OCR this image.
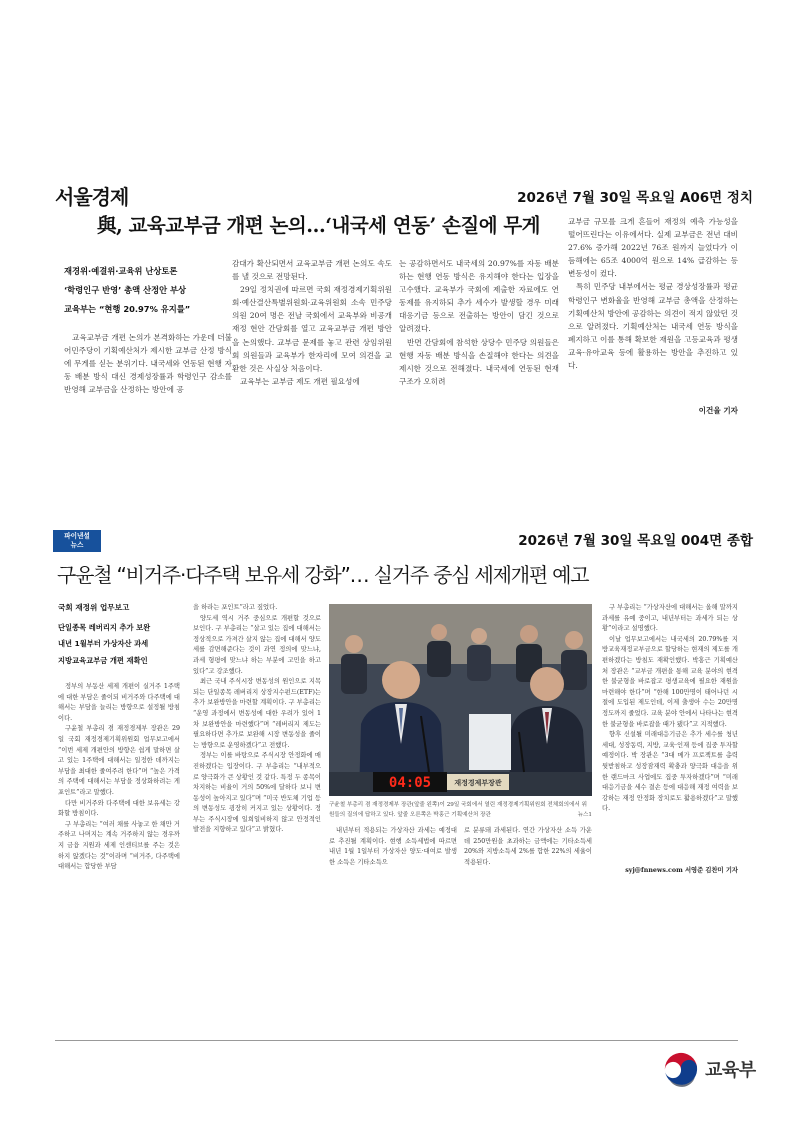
서울경제	2026년 7월 30일 목요일 A06면 정치
與, 교육교부금 개편 논의…‘내국세 연동’ 손질에 무게
재경위·예결위·교육위 난상토론
‘학령인구 반영’ 총액 산정안 부상
교육부는 “현행 20.97% 유지를”

교육교부금 개편 논의가 본격화하는 가운데 더불어민주당이 기획예산처가 제시한 교부금 산정 방식에 무게를 싣는 분위기다. 내국세와 연동된 현행 자동 배분 방식 대신 경제성장률과 학령인구 감소를 반영해 교부금을 산정하는 방안에 공

감대가 확산되면서 교육교부금 개편 논의도 속도를 낼 것으로 전망된다.

29일 정치권에 따르면 국회 재정경제기획위원회·예산결산특별위원회·교육위원회 소속 민주당 의원 20여 명은 전날 국회에서 교육부와 비공개 재정 현안 간담회를 열고 교육교부금 개편 방안을 논의했다. 교부금 문제를 놓고 관련 상임위원회 의원들과 교육부가 한자리에 모여 의견을 교환한 것은 사실상 처음이다.

교육부는 교부금 제도 개편 필요성에

는 공감하면서도 내국세의 20.97%를 자동 배분하는 현행 연동 방식은 유지해야 한다는 입장을 고수했다. 교육부가 국회에 제출한 자료에도 연동제를 유지하되 추가 세수가 발생할 경우 미래대응기금 등으로 전출하는 방안이 담긴 것으로 알려졌다.

반면 간담회에 참석한 상당수 민주당 의원들은 현행 자동 배분 방식을 손질해야 한다는 의견을 제시한 것으로 전해졌다. 내국세에 연동된 현재 구조가 오히려

교부금 규모를 크게 흔들어 재정의 예측 가능성을 떨어뜨린다는 이유에서다. 실제 교부금은 전년 대비 27.6% 증가해 2022년 76조 원까지 늘었다가 이듬해에는 65조 4000억 원으로 14% 급감하는 등 변동성이 컸다.

특히 민주당 내부에서는 평균 경상성장률과 평균 학령인구 변화율을 반영해 교부금 총액을 산정하는 기획예산처 방안에 공감하는 의견이 적지 않았던 것으로 알려졌다. 기획예산처는 내국세 연동 방식을 폐지하고 이를 통해 확보한 재원을 고등교육과 평생교육·유아교육 등에 활용하는 방안을 추진하고 있다.

이건율 기자
파이낸셜
뉴스	2026년 7월 30일 목요일 004면 종합
구윤철 “비거주·다주택 보유세 강화”… 실거주 중심 세제개편 예고
국회 재정위 업무보고
단일종목 레버리지 추가 보완
내년 1월부터 가상자산 과세
지방교육교부금 개편 재확인

정부의 부동산 세제 개편이 실거주 1주택에 대한 부담은 줄이되 비거주와 다주택에 대해서는 부담을 늘리는 방향으로 설정될 방침이다.

구윤철 부총리 겸 재정경제부 장관은 29일 국회 재정경제기획위원회 업무보고에서 “이번 세제 개편안의 방향은 쉽게 말하면 살고 있는 1주택에 대해서는 일정한 데까지는 부담을 최대한 줄여주려 한다”며 “높은 가격의 주택에 대해서는 부담을 정상화하려는 게 포인트”라고 말했다.

다만 비거주와 다주택에 대한 보유세는 강화할 방침이다.

구 부총리는 “여러 채를 사놓고 한 채만 거주하고 나머지는 계속 거주하지 않는 경우까지 금융 지원과 세제 인센티브를 주는 것은 하지 않겠다는 것”이라며 “비거주, 다주택에 대해서는 합당한 부담

을 하라는 포인트”라고 짚었다.

양도세 역시 거주 중심으로 개편할 것으로 보인다. 구 부총리는 “살고 있는 집에 대해서는 정상적으로 가져간 살지 않는 집에 대해서 양도세를 감면해준다는 것이 과연 정의에 맞느냐, 과세 형평에 맞느냐 하는 부분에 고민을 하고 있다”고 강조했다.

최근 국내 주식시장 변동성의 원인으로 지목되는 단일종목 레버리지 상장지수펀드(ETF)는 추가 보완방안을 마련할 계획이다. 구 부총리는 “운영 과정에서 변동성에 대한 우려가 있어 1차 보완방안을 마련했다”며 “레버리지 제도는 필요하다면 추가로 보완해 시장 변동성을 줄이는 방향으로 운영하겠다”고 전했다.

정부는 이를 바탕으로 주식시장 안정화에 매진하겠다는 입장이다. 구 부총리는 “내부적으로 양극화가 큰 상황인 것 같다. 특정 두 종목이 차지하는 비율이 거의 50%에 달하다 보니 변동성이 높아지고 있다”며 “미국 반도체 기업 등의 변동성도 굉장히 커지고 있는 상황이다. 정부는 주식시장에 일희일비하지 않고 안정적인 발전을 지향하고 있다”고 밝혔다.

04:05	재정경제부장관
구윤철 부총리 겸 재정경제부 장관(앞줄 왼쪽)이 29일 국회에서 열린 재정경제기획위원회 전체회의에서 위원들의 질의에 답하고 있다. 앞줄 오른쪽은 박홍근 기획예산처 장관	뉴스1

내년부터 적용되는 가상자산 과세는 예정대로 추진될 계획이다. 현행 소득세법에 따르면 내년 1월 1일부터 가상자산 양도·대여로 발생한 소득은 기타소득으

로 분류돼 과세된다. 연간 가상자산 소득 가운데 250만원을 초과하는 금액에는 기타소득세 20%와 지방소득세 2%를 합한 22%의 세율이 적용된다.

구 부총리는 “가상자산에 대해서는 올해 말까지 과세를 유예 중이고, 내년부터는 과세가 되는 상황”이라고 설명했다.

이날 업무보고에서는 내국세의 20.79%를 지방교육재정교부금으로 할당하는 현재의 제도를 개편하겠다는 방침도 재확인했다. 박홍근 기획예산처 장관은 “교부금 개편을 통해 교육 분야의 현격한 불균형을 바로잡고 평생교육에 필요한 재원을 마련해야 한다”며 “한해 100만명이 태어나던 시절에 도입된 제도인데, 이제 출생아 수는 20만명 정도까지 줄었다. 교육 분야 안에서 나타나는 현격한 불균형을 바로잡을 때가 됐다”고 지적했다.

향후 신설될 미래대응기금은 추가 세수를 청년세대, 성장동력, 지방, 교육·인재 등에 집중 투자할 예정이다. 박 장관은 “3대 메가 프로젝트를 총력 뒷받침하고 성장잠재력 확충과 양극화 대응을 위한 랜드마크 사업에도 집중 투자하겠다”며 “미래대응기금을 세수 결손 등에 대응해 재정 여력을 보강하는 재정 안정화 장치로도 활용하겠다”고 말했다.

syj@fnnews.com 서영준 김찬미 기자
교육부
